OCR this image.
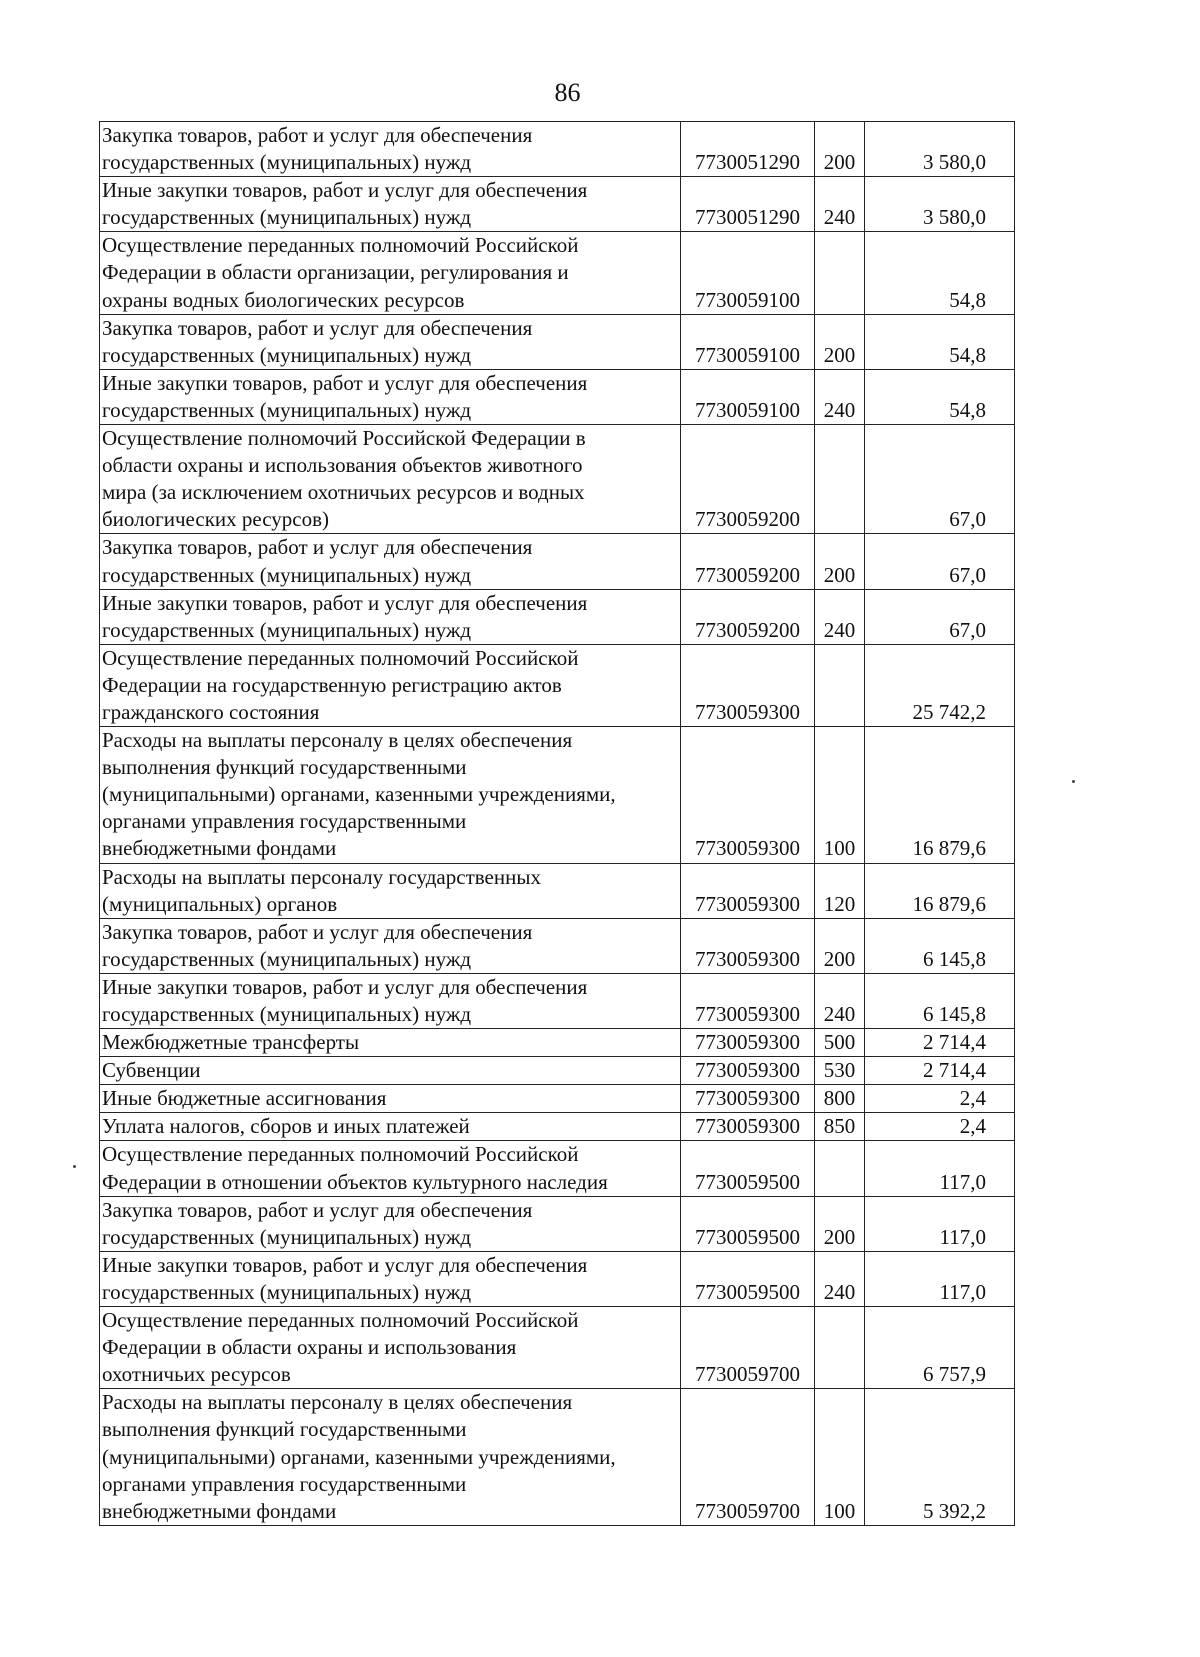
86
Закупка товаров, работ и услуг для обеспечения
государственных (муниципальных) нужд	7730051290	200	3 580,0

Иные закупки товаров, работ и услуг для обеспечения
государственных (муниципальных) нужд	7730051290	240	3 580,0

Осуществление переданных полномочий Российской
Федерации в области организации, регулирования и
охраны водных биологических ресурсов	7730059100		54,8

Закупка товаров, работ и услуг для обеспечения
государственных (муниципальных) нужд	7730059100	200	54,8

Иные закупки товаров, работ и услуг для обеспечения
государственных (муниципальных) нужд	7730059100	240	54,8

Осуществление полномочий Российской Федерации в
области охраны и использования объектов животного
мира (за исключением охотничьих ресурсов и водных
биологических ресурсов)	7730059200		67,0

Закупка товаров, работ и услуг для обеспечения
государственных (муниципальных) нужд	7730059200	200	67,0

Иные закупки товаров, работ и услуг для обеспечения
государственных (муниципальных) нужд	7730059200	240	67,0

Осуществление переданных полномочий Российской
Федерации на государственную регистрацию актов
гражданского состояния	7730059300		25 742,2

Расходы на выплаты персоналу в целях обеспечения
выполнения функций государственными
(муниципальными) органами, казенными учреждениями,
органами управления государственными
внебюджетными фондами	7730059300	100	16 879,6

Расходы на выплаты персоналу государственных
(муниципальных) органов	7730059300	120	16 879,6

Закупка товаров, работ и услуг для обеспечения
государственных (муниципальных) нужд	7730059300	200	6 145,8

Иные закупки товаров, работ и услуг для обеспечения
государственных (муниципальных) нужд	7730059300	240	6 145,8

Межбюджетные трансферты	7730059300	500	2 714,4

Субвенции	7730059300	530	2 714,4

Иные бюджетные ассигнования	7730059300	800	2,4

Уплата налогов, сборов и иных платежей	7730059300	850	2,4

Осуществление переданных полномочий Российской
Федерации в отношении объектов культурного наследия	7730059500		117,0

Закупка товаров, работ и услуг для обеспечения
государственных (муниципальных) нужд	7730059500	200	117,0

Иные закупки товаров, работ и услуг для обеспечения
государственных (муниципальных) нужд	7730059500	240	117,0

Осуществление переданных полномочий Российской
Федерации в области охраны и использования
охотничьих ресурсов	7730059700		6 757,9

Расходы на выплаты персоналу в целях обеспечения
выполнения функций государственными
(муниципальными) органами, казенными учреждениями,
органами управления государственными
внебюджетными фондами	7730059700	100	5 392,2
